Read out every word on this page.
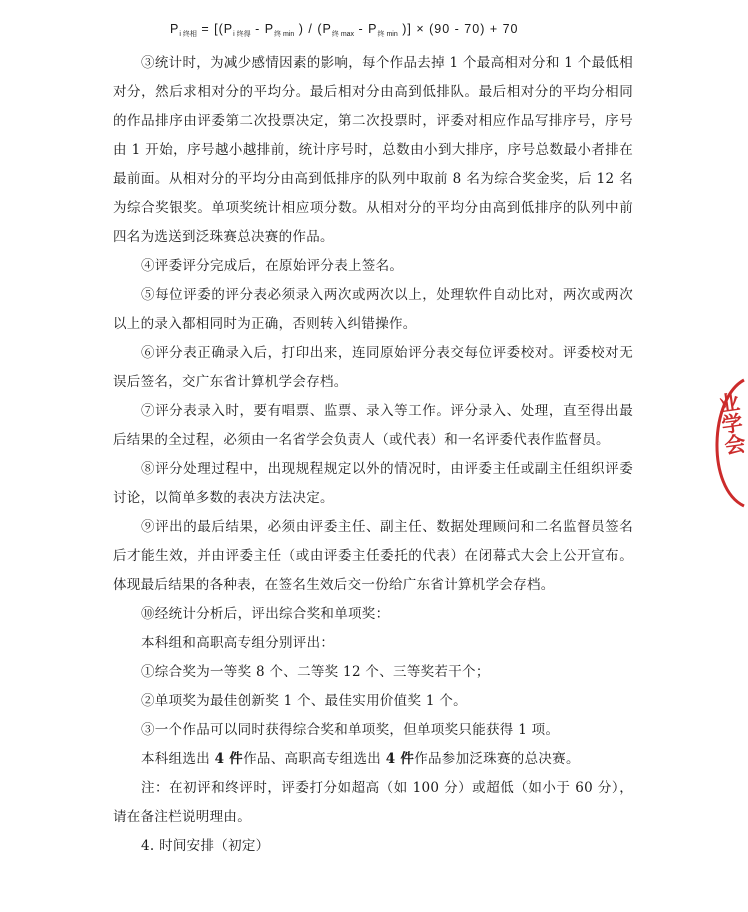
$P_{i 终相} = [(P_{i 终得} - P_{终 min}$ ) / ($P_{终 max} - P_{终 min}$ )] × (90 - 70) + 70

③统计时，为减少感情因素的影响，每个作品去掉 1 个最高相对分和 1 个最低相对分，然后求相对分的平均分。最后相对分由高到低排队。最后相对分的平均分相同的作品排序由评委第二次投票决定，第二次投票时，评委对相应作品写排序号，序号由 1 开始，序号越小越排前，统计序号时，总数由小到大排序，序号总数最小者排在最前面。从相对分的平均分由高到低排序的队列中取前 8 名为综合奖金奖，后 12 名为综合奖银奖。单项奖统计相应项分数。从相对分的平均分由高到低排序的队列中前四名为选送到泛珠赛总决赛的作品。

④评委评分完成后，在原始评分表上签名。

⑤每位评委的评分表必须录入两次或两次以上，处理软件自动比对，两次或两次以上的录入都相同时为正确，否则转入纠错操作。

⑥评分表正确录入后，打印出来，连同原始评分表交每位评委校对。评委校对无误后签名，交广东省计算机学会存档。

⑦评分表录入时，要有唱票、监票、录入等工作。评分录入、处理，直至得出最后结果的全过程，必须由一名省学会负责人（或代表）和一名评委代表作监督员。

⑧评分处理过程中，出现规程规定以外的情况时，由评委主任或副主任组织评委讨论，以简单多数的表决方法决定。

⑨评出的最后结果，必须由评委主任、副主任、数据处理顾问和二名监督员签名后才能生效，并由评委主任（或由评委主任委托的代表）在闭幕式大会上公开宣布。体现最后结果的各种表，在签名生效后交一份给广东省计算机学会存档。

⑩经统计分析后，评出综合奖和单项奖：

本科组和高职高专组分别评出：

①综合奖为一等奖 8 个、二等奖 12 个、三等奖若干个；

②单项奖为最佳创新奖 1 个、最佳实用价值奖 1 个。

③一个作品可以同时获得综合奖和单项奖，但单项奖只能获得 1 项。

本科组选出 4 件作品、高职高专组选出 4 件作品参加泛珠赛的总决赛。

注：在初评和终评时，评委打分如超高（如 100 分）或超低（如小于 60 分），请在备注栏说明理由。

4. 时间安排（初定）

业学会
